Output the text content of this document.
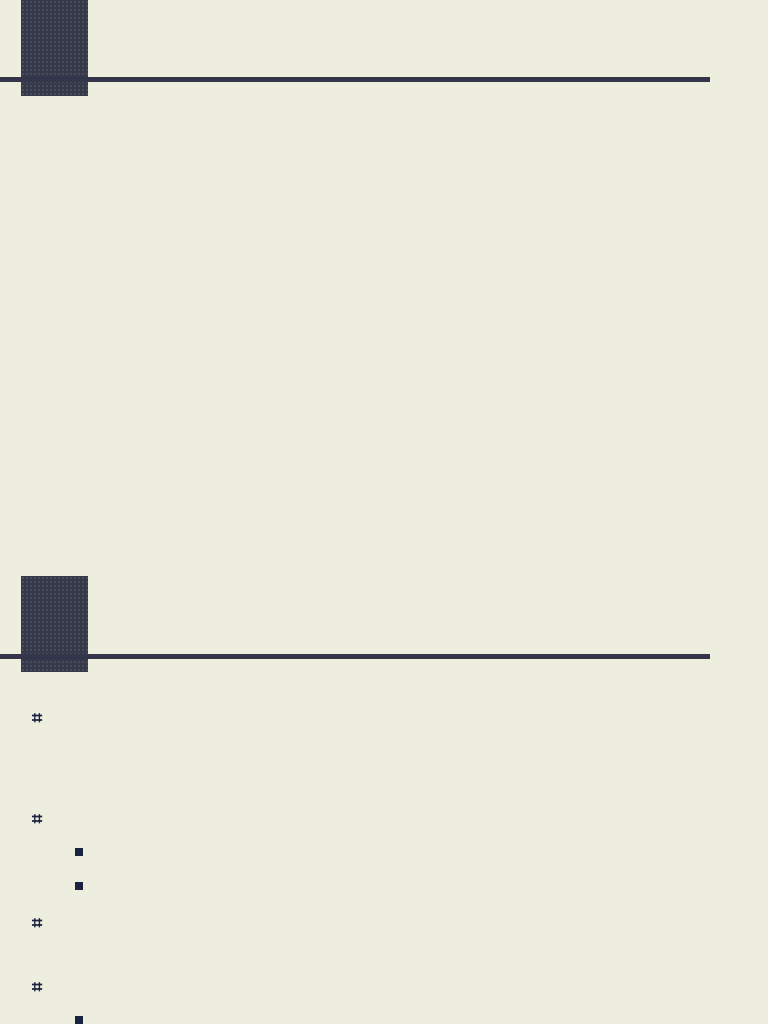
⌗
⌗
⌗
⌗
